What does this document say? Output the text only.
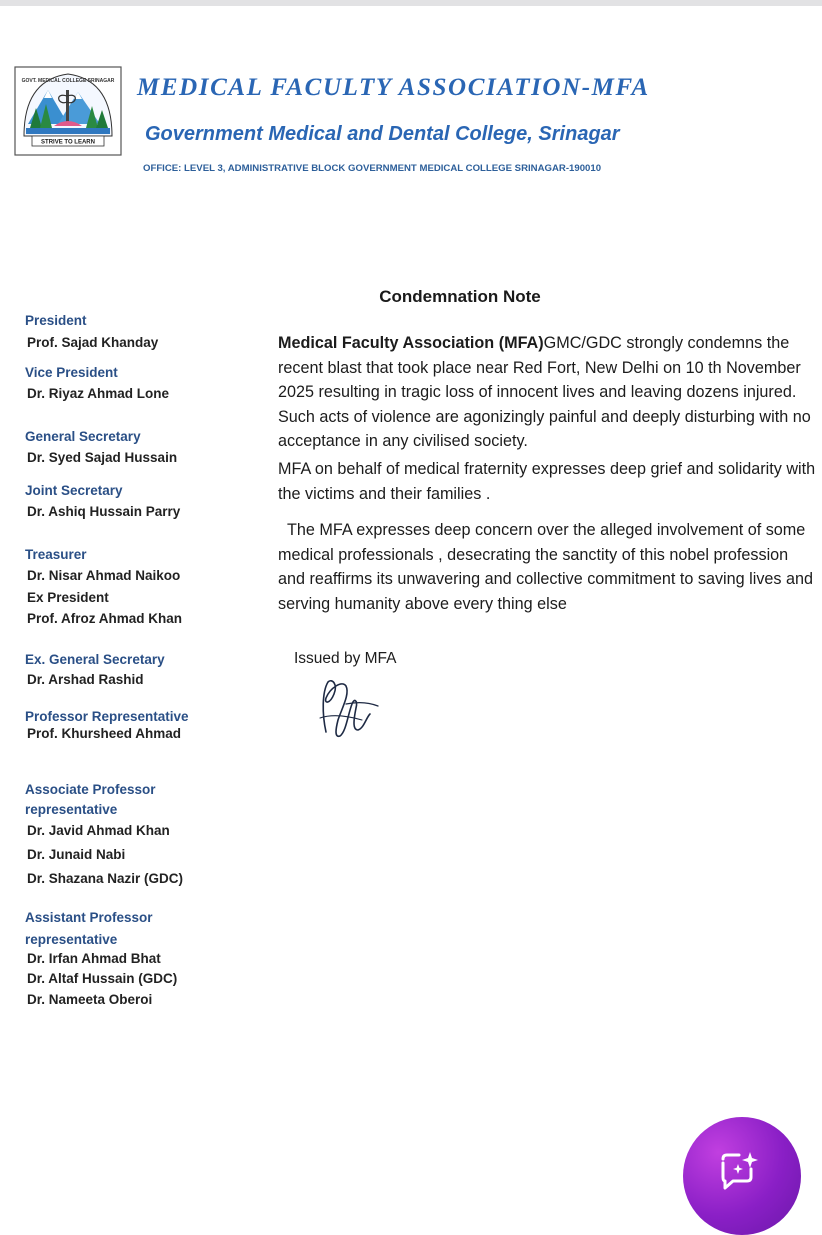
GOVT. MEDICAL COLLEGE SRINAGAR
STRIVE TO LEARN
MEDICAL FACULTY ASSOCIATION-MFA
Government Medical and Dental College, Srinagar
OFFICE: LEVEL 3, ADMINISTRATIVE BLOCK GOVERNMENT MEDICAL COLLEGE SRINAGAR-190010
President
Prof. Sajad Khanday
Vice President
Dr. Riyaz Ahmad Lone
General Secretary
Dr. Syed Sajad Hussain
Joint Secretary
Dr. Ashiq Hussain Parry
Treasurer
Dr. Nisar Ahmad Naikoo
Ex President
Prof. Afroz Ahmad Khan
Ex. General Secretary
Dr. Arshad Rashid
Professor Representative
Prof. Khursheed Ahmad
Associate Professor
representative
Dr. Javid Ahmad Khan
Dr. Junaid Nabi
Dr. Shazana Nazir (GDC)
Assistant Professor
representative
Dr. Irfan Ahmad Bhat
Dr. Altaf Hussain (GDC)
Dr. Nameeta Oberoi
Condemnation Note

Medical Faculty Association (MFA)GMC/GDC strongly condemns the recent blast that took place near Red Fort, New Delhi on 10 th November 2025 resulting in tragic loss of innocent lives and leaving dozens injured. Such acts of violence are agonizingly painful and deeply disturbing with no acceptance in any civilised society.

MFA on behalf of medical fraternity expresses deep grief and solidarity with the victims and their families .

The MFA expresses deep concern over the alleged involvement of some medical professionals , desecrating the sanctity of this nobel profession and reaffirms its unwavering and collective commitment to saving lives and serving humanity above every thing else

Issued by MFA
